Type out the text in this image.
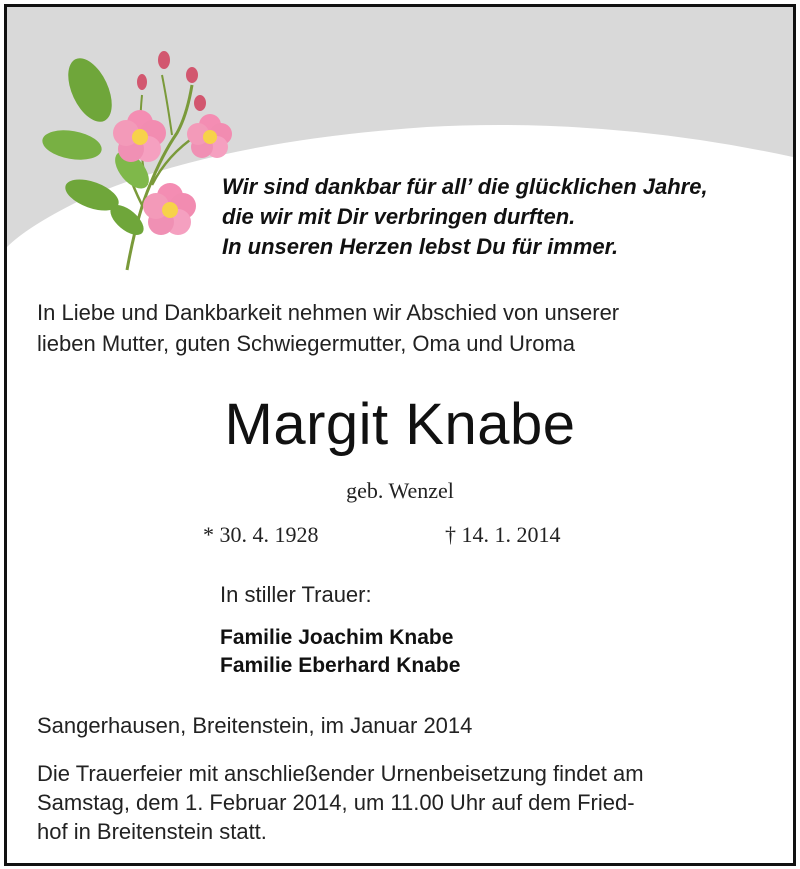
Wir sind dankbar für all’ die glücklichen Jahre,
die wir mit Dir verbringen durften.
In unseren Herzen lebst Du für immer.
In Liebe und Dankbarkeit nehmen wir Abschied von unserer
lieben Mutter, guten Schwiegermutter, Oma und Uroma
Margit Knabe
geb. Wenzel
* 30. 4. 1928	† 14. 1. 2014
In stiller Trauer:
Familie Joachim Knabe
Familie Eberhard Knabe
Sangerhausen, Breitenstein, im Januar 2014
Die Trauerfeier mit anschließender Urnenbeisetzung findet am
Samstag, dem 1. Februar 2014, um 11.00 Uhr auf dem Fried-
hof in Breitenstein statt.
